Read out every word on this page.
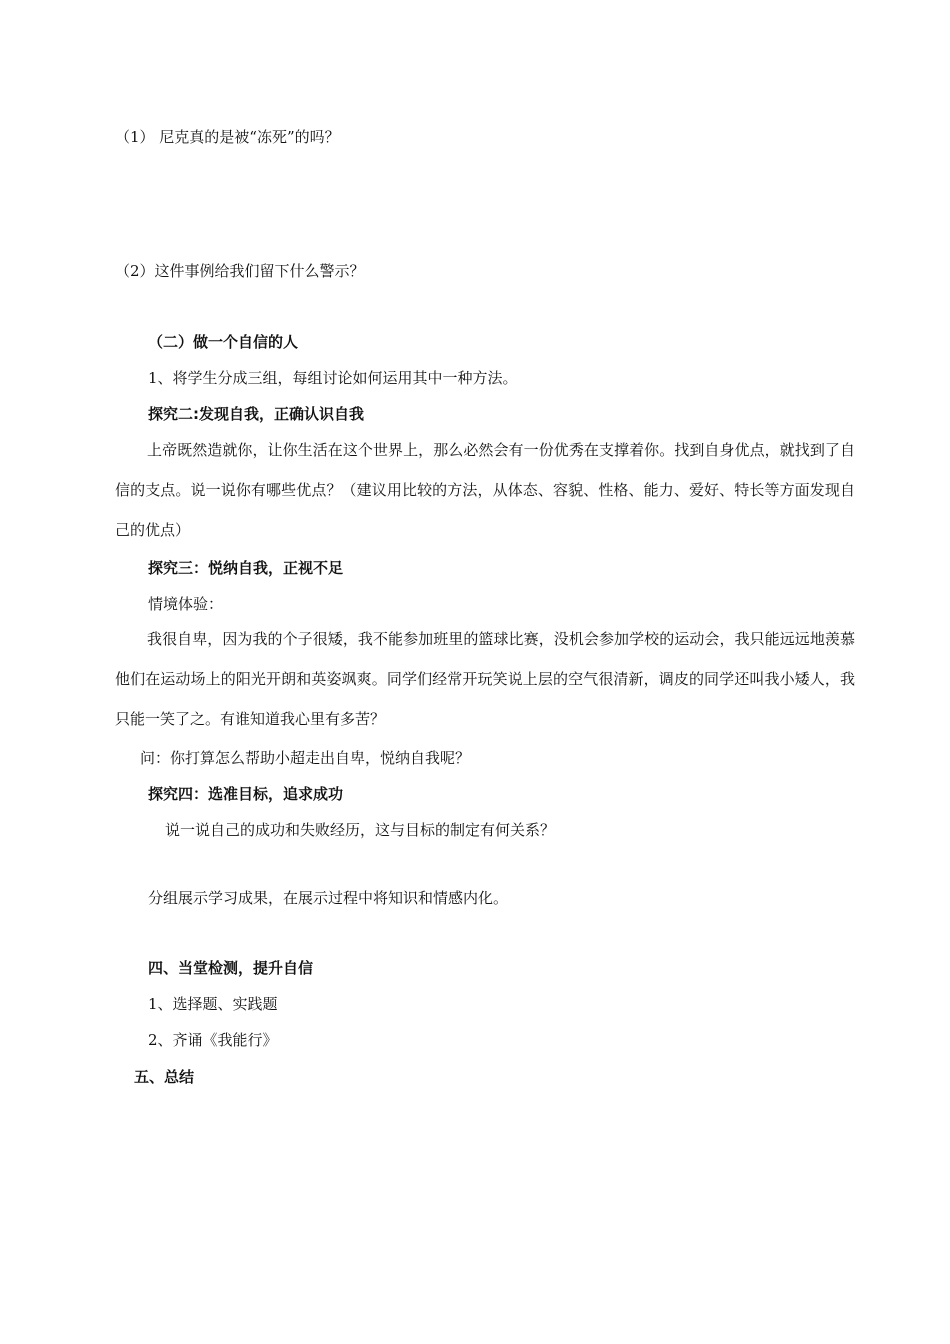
（1） 尼克真的是被“冻死”的吗？

（2）这件事例给我们留下什么警示？

（二）做一个自信的人

1、将学生分成三组，每组讨论如何运用其中一种方法。

探究二:发现自我，正确认识自我

上帝既然造就你，让你生活在这个世界上，那么必然会有一份优秀在支撑着你。找到自身优点，就找到了自信的支点。说一说你有哪些优点？（建议用比较的方法，从体态、容貌、性格、能力、爱好、特长等方面发现自己的优点）

探究三：悦纳自我，正视不足

情境体验：

我很自卑，因为我的个子很矮，我不能参加班里的篮球比赛，没机会参加学校的运动会，我只能远远地羡慕他们在运动场上的阳光开朗和英姿飒爽。同学们经常开玩笑说上层的空气很清新，调皮的同学还叫我小矮人，我只能一笑了之。有谁知道我心里有多苦？

问：你打算怎么帮助小超走出自卑，悦纳自我呢？

探究四：选准目标，追求成功

说一说自己的成功和失败经历，这与目标的制定有何关系？

分组展示学习成果，在展示过程中将知识和情感内化。

四、当堂检测，提升自信

1、选择题、实践题

2、齐诵《我能行》

五、总结
